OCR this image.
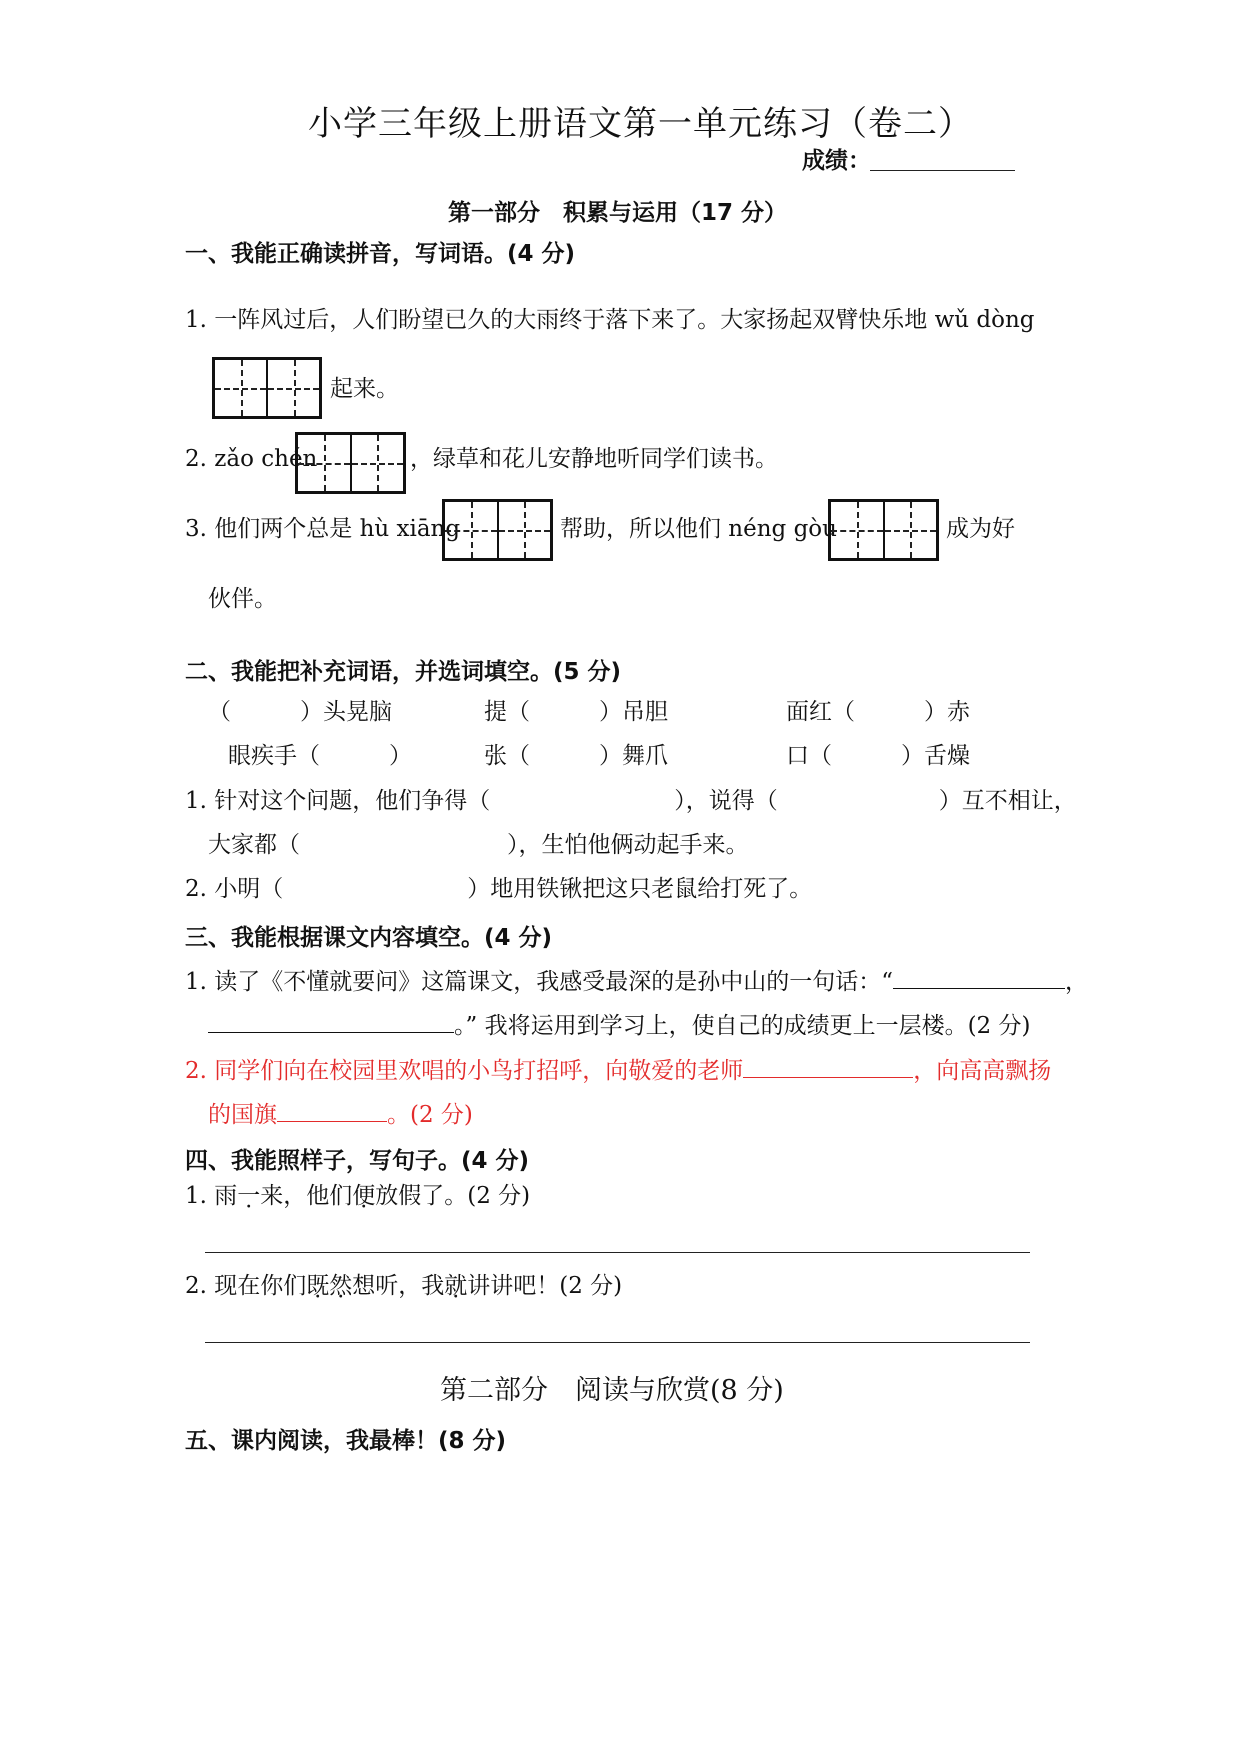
小学三年级上册语文第一单元练习（卷二）
成绩：
第一部分　积累与运用（17 分）
一、我能正确读拼音，写词语。(4 分)
1. 一阵风过后，人们盼望已久的大雨终于落下来了。大家扬起双臂快乐地 wǔ dòng
起来。
2. zǎo chén	，绿草和花儿安静地听同学们读书。
3. 他们两个总是 hù xiāng	帮助，所以他们 néng gòu	成为好
伙伴。
二、我能把补充词语，并选词填空。(5 分)
（　　　）头晃脑	提（　　　）吊胆	面红（　　　）赤
眼疾手（　　　）	张（　　　）舞爪	口（　　　）舌燥
1. 针对这个问题，他们争得（　　　　　　　　），说得（　　　　　　　）互不相让，
大家都（　　　　　　　　　），生怕他俩动起手来。
2. 小明（　　　　　　　　）地用铁锹把这只老鼠给打死了。
三、我能根据课文内容填空。(4 分)
1. 读了《不懂就要问》这篇课文，我感受最深的是孙中山的一句话：“	，
。” 我将运用到学习上，使自己的成绩更上一层楼。(2 分)
2. 同学们向在校园里欢唱的小鸟打招呼，向敬爱的老师	，向高高飘扬
的国旗	。(2 分)
四、我能照样子，写句子。(4 分)
1. 雨一来，他们便放假了。(2 分)
2. 现在你们既然想听，我就讲讲吧！(2 分)
第二部分　阅读与欣赏(8 分)
五、课内阅读，我最棒！(8 分)
